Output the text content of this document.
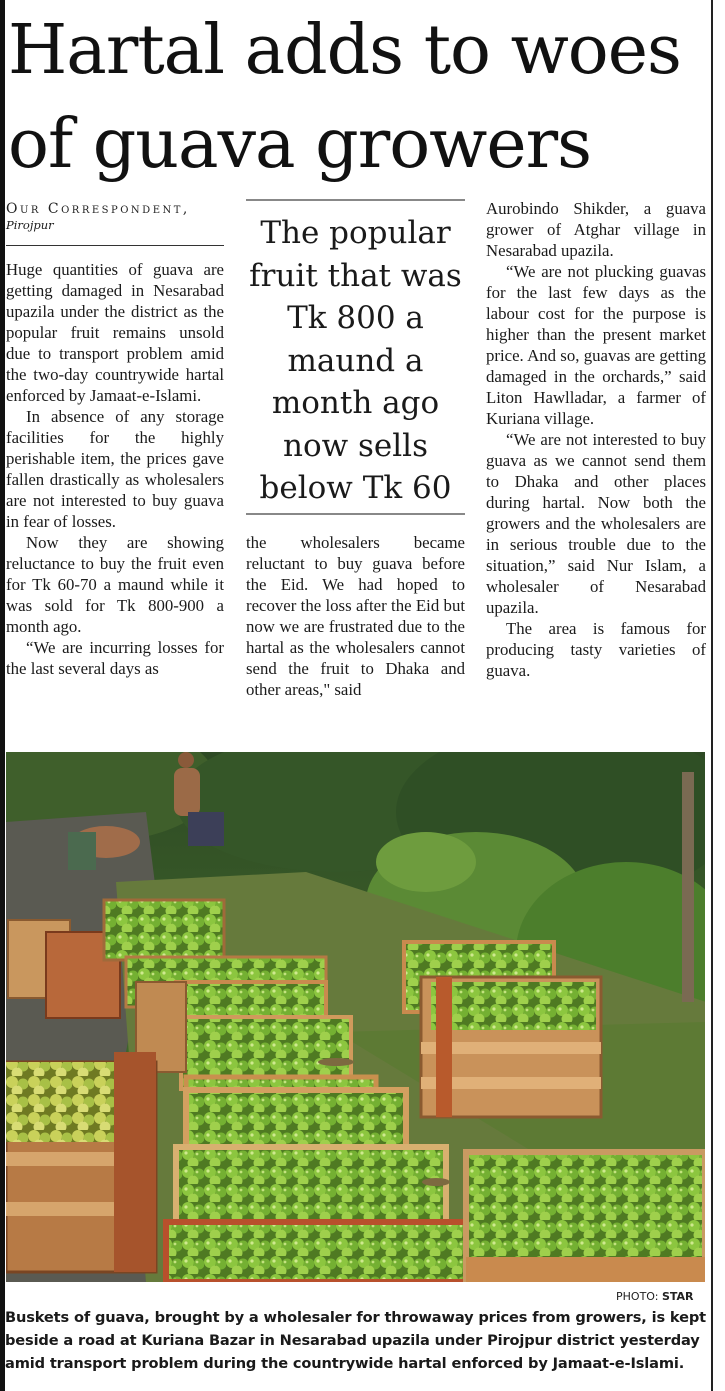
Hartal adds to woes
of guava growers
Our Correspondent,
Pirojpur

Huge quantities of guava are getting damaged in Nesarabad upazila under the district as the popular fruit remains unsold due to transport problem amid the two-day countrywide hartal enforced by Jamaat-e-Islami.

In absence of any storage facilities for the highly perishable item, the prices gave fallen drastically as wholesalers are not interested to buy guava in fear of losses.

Now they are showing reluctance to buy the fruit even for Tk 60-70 a maund while it was sold for Tk 800-900 a month ago.

“We are incurring losses for the last several days as

The popular fruit that was Tk 800 a maund a month ago now sells below Tk 60

the wholesalers became reluctant to buy guava before the Eid. We had hoped to recover the loss after the Eid but now we are frustrated due to the hartal as the wholesalers cannot send the fruit to Dhaka and other areas," said

Aurobindo Shikder, a guava grower of Atghar village in Nesarabad upazila.

“We are not plucking guavas for the last few days as the labour cost for the purpose is higher than the present market price. And so, guavas are getting damaged in the orchards,” said Liton Hawlladar, a farmer of Kuriana village.

“We are not interested to buy guava as we cannot send them to Dhaka and other places during hartal. Now both the growers and the wholesalers are in serious trouble due to the situation,” said Nur Islam, a wholesaler of Nesarabad upazila.

The area is famous for producing tasty varieties of guava.

PHOTO: STAR

Buskets of guava, brought by a wholesaler for throwaway prices from growers, is kept beside a road at Kuriana Bazar in Nesarabad upazila under Pirojpur district yesterday amid transport problem during the countrywide hartal enforced by Jamaat-e-Islami.
